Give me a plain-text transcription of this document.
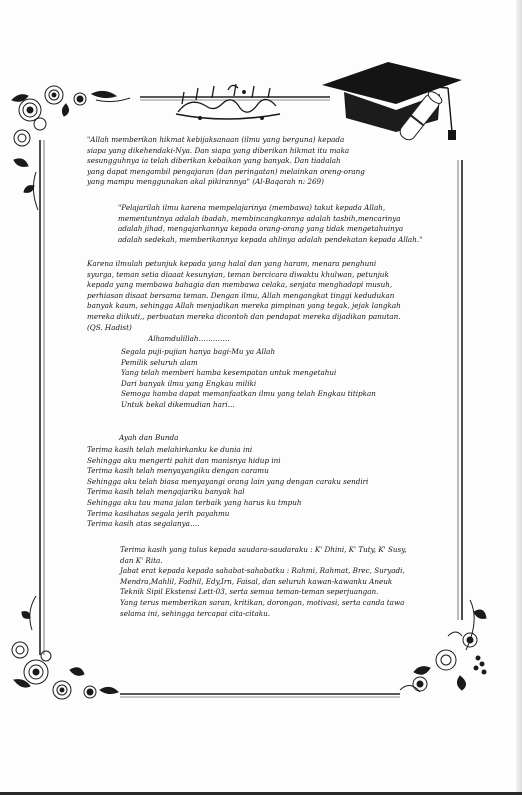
"Allah memberikan hikmat kebijaksanaan (ilmu yang berguna) kepada
siapa yang dikehendaki-Nya. Dan siapa yang diberikan hikmat itu maka
sesungguhnya ia telah diberikan kebaikan yang banyak. Dan tiadalah
yang dapat mengambil pengajaran (dan peringatan) melainkan oreng-orang
yang mampu menggunakan akal pikirannya" (Al-Baqarah n: 269)
"Pelajarilah ilmu karena mempelajarinya (membawa) takut kepada Allah,
mementuntnya adalah ibadah, membincangkannya adalah tasbih,mencarinya
adalah jihad, mengajarkannya kepada orang-orang yang tidak mengetahuinya
adalah sedekah, memberikannya kepada ahlinya adalah pendekatan kepada Allah."
Karena ilmulah petunjuk kepada yang halal dan yang haram, menara penghuni
syurga, teman setia diaaat kesunyian, teman bercicara diwaktu khulwan, petunjuk
kepada yang membawa bahagia dan membawa celaka, senjata menghadapi musuh,
perhiasan disaat bersama teman. Dengan ilmu, Allah mengangkat tinggi kedudukan
banyak kaum, sehingga Allah menjadikan mereka pimpinan yang tegak, jejak langkah
mereka diikuti,, perbuatan mereka dicontoh dan pendapat mereka dijadikan panutan.
(QS. Hadist)
Alhamdulillah………….
Segala puji-pujian hanya bagi-Mu ya Allah
Pemilik seluruh alam
Yang telah memberi hamba kesempatan untuk mengetahui
Dari banyak ilmu yang Engkau miliki
Semoga hamba dapat memanfaatkan ilmu yang telah Engkau titipkan
Untuk bekal dikemudian hari…
Ayah dan Bunda
Terima kasih telah melahirkanku ke dunia ini
Sehingga aku mengerti pahit dan manisnya hidup ini
Terima kasih telah menyayangiku dengan caramu
Sehingga aku telah biasa menyayangi orang lain yang dengan caraku sendiri
Terima kasih telah mengajariku banyak hal
Sehingga aku tau mana jalan terbaik yang harus ku tmpuh
Terima kasihatas segala jerih payahmu
Terima kasih atas segalanya….
Terima kasih yang tulus kepada saudara-saudaraku : K' Dhini, K' Tuty, K' Susy,
dan K' Rita.
Jabat erat kepada kepada sahabat-sahabatku : Rahmi, Rahmat, Brec, Suryadi,
Mendra,Mahlil, Fadhil, Edy,Irn, Faisal, dan seluruh kawan-kawanku Aneuk
Teknik Sipil Ekstensi Lett-03, serta semua teman-teman seperjuangan.
Yang terus memberikan saran, kritikan, dorongan, motivasi, serta canda tawa
selama ini, sehingga tercapai cita-citaku.
